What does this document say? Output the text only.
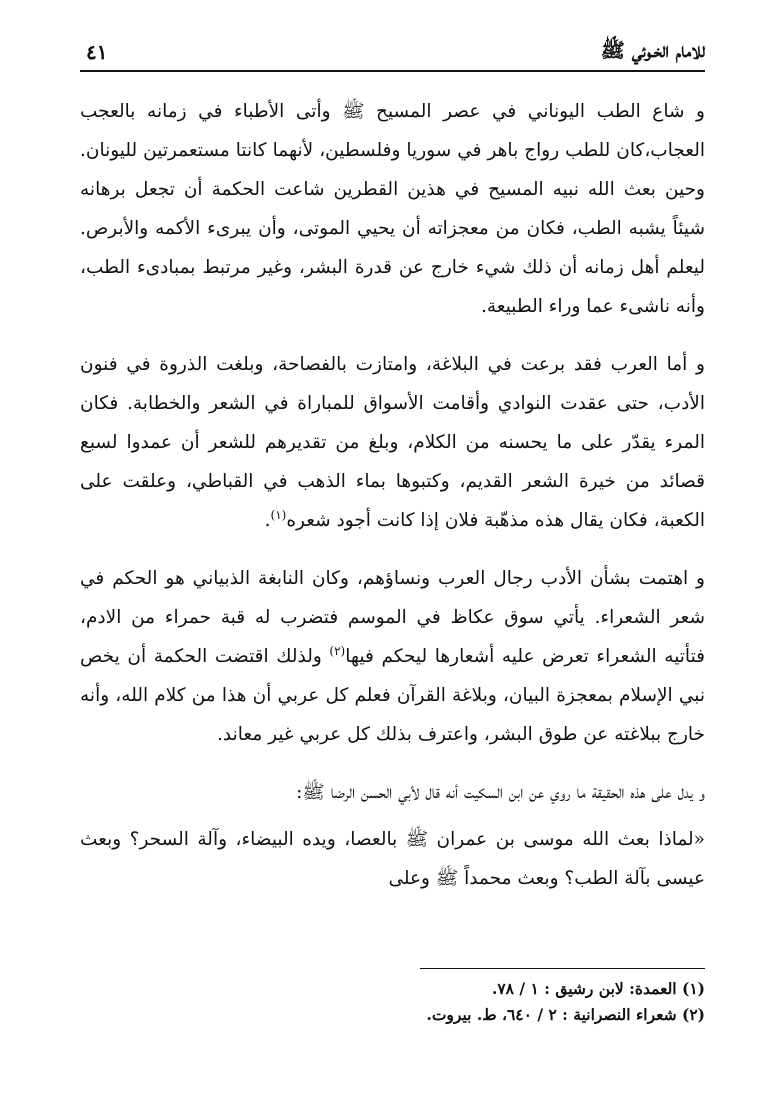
للامام الخـوئي ﷺ
٤١

و شاع الطب اليوناني في عصر المسيح ﷺ وأتى الأطباء في زمانه بالعجب العجاب،كان للطب رواج باهر في سوريا وفلسطين، لأنهما كانتا مستعمرتين لليونان. وحين بعث الله نبيه المسيح في هذين القطرين شاعت الحكمة أن تجعل برهانه شيئاً يشبه الطب، فكان من معجزاته أن يحيي الموتى، وأن يبرىء الأكمه والأبرص. ليعلم أهل زمانه أن ذلك شيء خارج عن قدرة البشر، وغير مرتبط بمبادىء الطب، وأنه ناشىء عما وراء الطبيعة.

و أما العرب فقد برعت في البلاغة، وامتازت بالفصاحة، وبلغت الذروة في فنون الأدب، حتى عقدت النوادي وأقامت الأسواق للمباراة في الشعر والخطابة. فكان المرء يقدّر على ما يحسنه من الكلام، وبلغ من تقديرهم للشعر أن عمدوا لسبع قصائد من خيرة الشعر القديم، وكتبوها بماء الذهب في القباطي، وعلقت على الكعبة، فكان يقال هذه مذهّبة فلان إذا كانت أجود شعره$^{(١)}$.

و اهتمت بشأن الأدب رجال العرب ونساؤهم، وكان النابغة الذبياني هو الحكم في شعر الشعراء. يأتي سوق عكاظ في الموسم فتضرب له قبة حمراء من الادم، فتأتيه الشعراء تعرض عليه أشعارها ليحكم فيها$^{(٢)}$ ولذلك اقتضت الحكمة أن يخص نبي الإسلام بمعجزة البيان، وبلاغة القرآن فعلم كل عربي أن هذا من كلام الله، وأنه خارج ببلاغته عن طوق البشر، واعترف بذلك كل عربي غير معاند.

و يدل على هذه الحقيقة ما روي عن ابن السكيت أنه قال لأبي الحسن الرضا ﷺ:

«لماذا بعث الله موسى بن عمران ﷺ بالعصا، ويده البيضاء، وآلة السحر؟ وبعث عيسى بآلة الطب؟ وبعث محمداً ﷺ وعلى

(١) العمدة: لابن رشيق : ١ / ٧٨.

(٢) شعراء النصرانية : ٢ / ٦٤٠، ط. بيروت.
